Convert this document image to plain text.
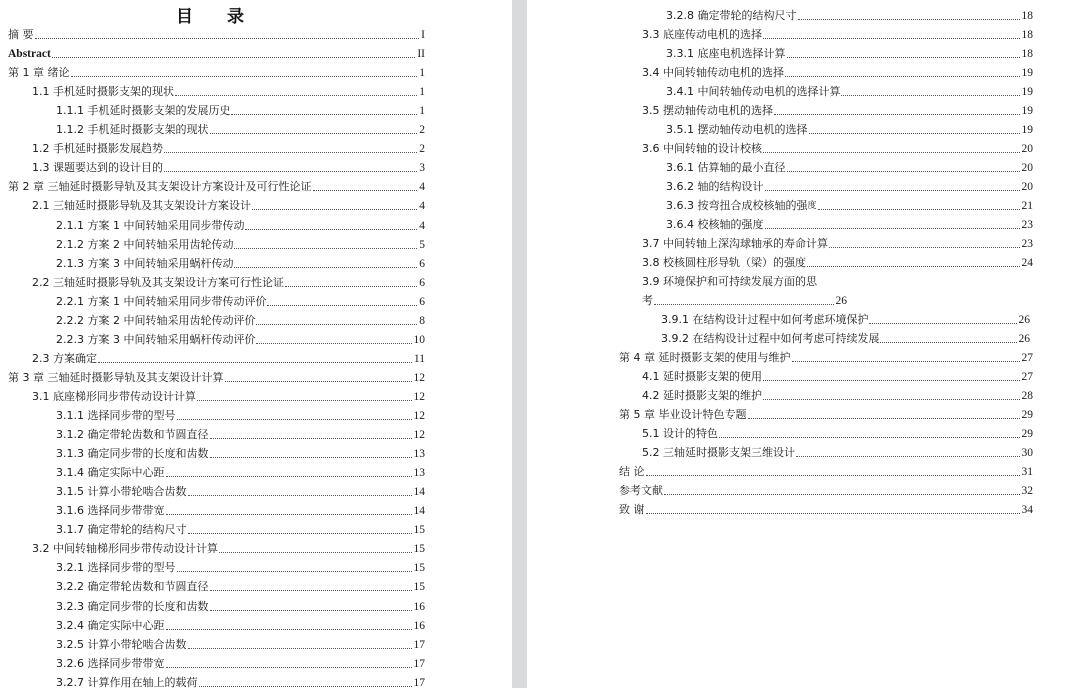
目 录
摘 要	I
Abstract	II
第 1 章 绪论	1
1.1 手机延时摄影支架的现状	1
1.1.1 手机延时摄影支架的发展历史	1
1.1.2 手机延时摄影支架的现状	2
1.2 手机延时摄影发展趋势	2
1.3 课题要达到的设计目的	3
第 2 章 三轴延时摄影导轨及其支架设计方案设计及可行性论证	4
2.1 三轴延时摄影导轨及其支架设计方案设计	4
2.1.1 方案 1 中间转轴采用同步带传动	4
2.1.2 方案 2 中间转轴采用齿轮传动	5
2.1.3 方案 3 中间转轴采用蜗杆传动	6
2.2 三轴延时摄影导轨及其支架设计方案可行性论证	6
2.2.1 方案 1 中间转轴采用同步带传动评价	6
2.2.2 方案 2 中间转轴采用齿轮传动评价	8
2.2.3 方案 3 中间转轴采用蜗杆传动评价	10
2.3 方案确定	11
第 3 章 三轴延时摄影导轨及其支架设计计算	12
3.1 底座梯形同步带传动设计计算	12
3.1.1 选择同步带的型号	12
3.1.2 确定带轮齿数和节圆直径	12
3.1.3 确定同步带的长度和齿数	13
3.1.4 确定实际中心距	13
3.1.5 计算小带轮啮合齿数	14
3.1.6 选择同步带带宽	14
3.1.7 确定带轮的结构尺寸	15
3.2 中间转轴梯形同步带传动设计计算	15
3.2.1 选择同步带的型号	15
3.2.2 确定带轮齿数和节圆直径	15
3.2.3 确定同步带的长度和齿数	16
3.2.4 确定实际中心距	16
3.2.5 计算小带轮啮合齿数	17
3.2.6 选择同步带带宽	17
3.2.7 计算作用在轴上的载荷	17
3.2.8 确定带轮的结构尺寸	18
3.3 底座传动电机的选择	18
3.3.1 底座电机选择计算	18
3.4 中间转轴传动电机的选择	19
3.4.1 中间转轴传动电机的选择计算	19
3.5 摆动轴传动电机的选择	19
3.5.1 摆动轴传动电机的选择	19
3.6 中间转轴的设计校核	20
3.6.1 估算轴的最小直径	20
3.6.2 轴的结构设计	20
3.6.3 按弯扭合成校核轴的强 度	21
3.6.4 校核轴的强度	23
3.7 中间转轴上深沟球轴承的寿命计算	23
3.8 校核圆柱形导轨（梁）的强度	24
3.9 环境保护和可持续发展方面的思
考	26
3.9.1 在结构设计过程中如何考虑环境保护	26
3.9.2 在结构设计过程中如何考虑可持续发展	26
第 4 章 延时摄影支架的使用与维护	27
4.1 延时摄影支架的使用	27
4.2 延时摄影支架的维护	28
第 5 章 毕业设计特色专题	29
5.1 设计的特色	29
5.2 三轴延时摄影支架三维设计	30
结 论	31
参考文献	32
致 谢	34
